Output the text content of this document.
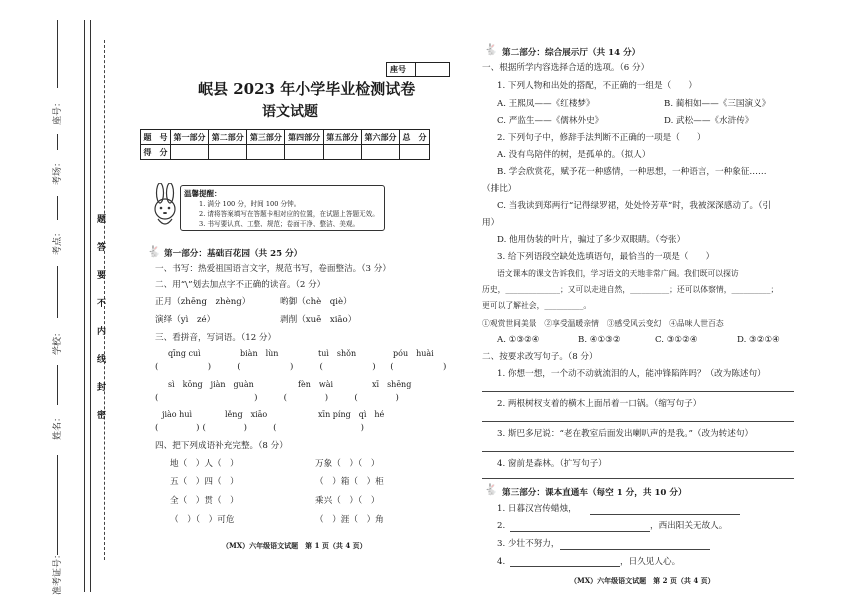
座号：
考场：
考点：
学校：
姓名：
准考证号：
题
答
要
不
内
线
封
密
座号
岷县 2023 年小学毕业检测试卷
语文试题
题　号	第一部分	第二部分	第三部分	第四部分	第五部分	第六部分	总　分
得　分							
温馨提醒：
1. 满分 100 分，时间 100 分钟。
2. 请将答案填写在答题卡相对应的位置，在试题上答题无效。
3. 书写要认真、工整、规范；卷面干净、整洁、美观。
🐇 第一部分：基础百花园（共 25 分）
一、书写：热爱祖国语言文字，规范书写，卷面整洁。（3 分）
二、用“\”划去加点字不正确的读音。（2 分）
正月（zhēng　zhèng）	哟御（chè　qiè）
演绎（yì　zé）	剥削（xuē　xiāo）
三、看拼音，写词语。（12 分）
qīng cuì	biàn　lùn	tuì　shǒn	póu　huài
(　　　　)　　(　　　　)　　(　　　　)　(　　　　)
sì　kōng　jiàn　guàn	fèn　wài	xī　shēng
(　　　　　　　　)　　(　　　)　　(　　　)
jiào huì	lěng　xiāo	xīn píng　qì　hé
(　　　)(　　　)　　(　　　　　　　)
四、把下列成语补充完整。（8 分）
地（　）人（　）	万象（　）（　）
五（　）四（　）	（　）箱（　）柜
全（　）贯（　）	乘兴（　）（　）
（　）（　）可危	（　）涯（　）角
（MX）六年级语文试题　第 1 页（共 4 页）
🐇 第二部分：综合展示厅（共 14 分）
一、根据所学内容选择合适的选项。（6 分）
1. 下列人物和出处的搭配，不正确的一组是（　　）
A. 王熙凤——《红楼梦》	B. 蔺相如——《三国演义》
C. 严监生——《儒林外史》	D. 武松——《水浒传》
2. 下列句子中，修辞手法判断不正确的一项是（　　）
A. 没有鸟陪伴的树，是孤单的。（拟人）
B. 学会欣赏花，赋予花一种感情，一种思想，一种语言，一种象征……
（排比）
C. 当我读到郑两行“记得绿罗裙，处处怜芳草”时，我被深深感动了。（引
用）
D. 他用伪装的叶片，骗过了多少双眼睛。（夸张）
3. 给下列语段空缺处选填语句，最恰当的一项是（　　）
语文课本的课文告诉我们，学习语文的天地非常广阔。我们既可以探访
历史，______________；又可以走进自然，__________；还可以体察情，__________；
更可以了解社会，__________。
①观赏世间美景　②享受温暖亲情　③感受风云变幻　④品味人世百态
A. ①③②④	B. ④①③②	C. ③①②④	D. ③②①④
二、按要求改写句子。（8 分）
1. 你想一想，一个动不动就流泪的人，能冲锋陷阵吗？（改为陈述句）
2. 两根树杈支着的横木上面吊着一口锅。（缩写句子）
3. 斯巴多尼说：“老在教室后面发出喇叭声的是我。”（改为转述句）
4. 窗前是森林。（扩写句子）
🐇 第三部分：课本直通车（每空 1 分，共 10 分）
1. 日暮汉宫传蜡烛，
2.	，西出阳关无故人。
3. 少壮不努力，
4.	，日久见人心。
（MX）六年级语文试题　第 2 页（共 4 页）
